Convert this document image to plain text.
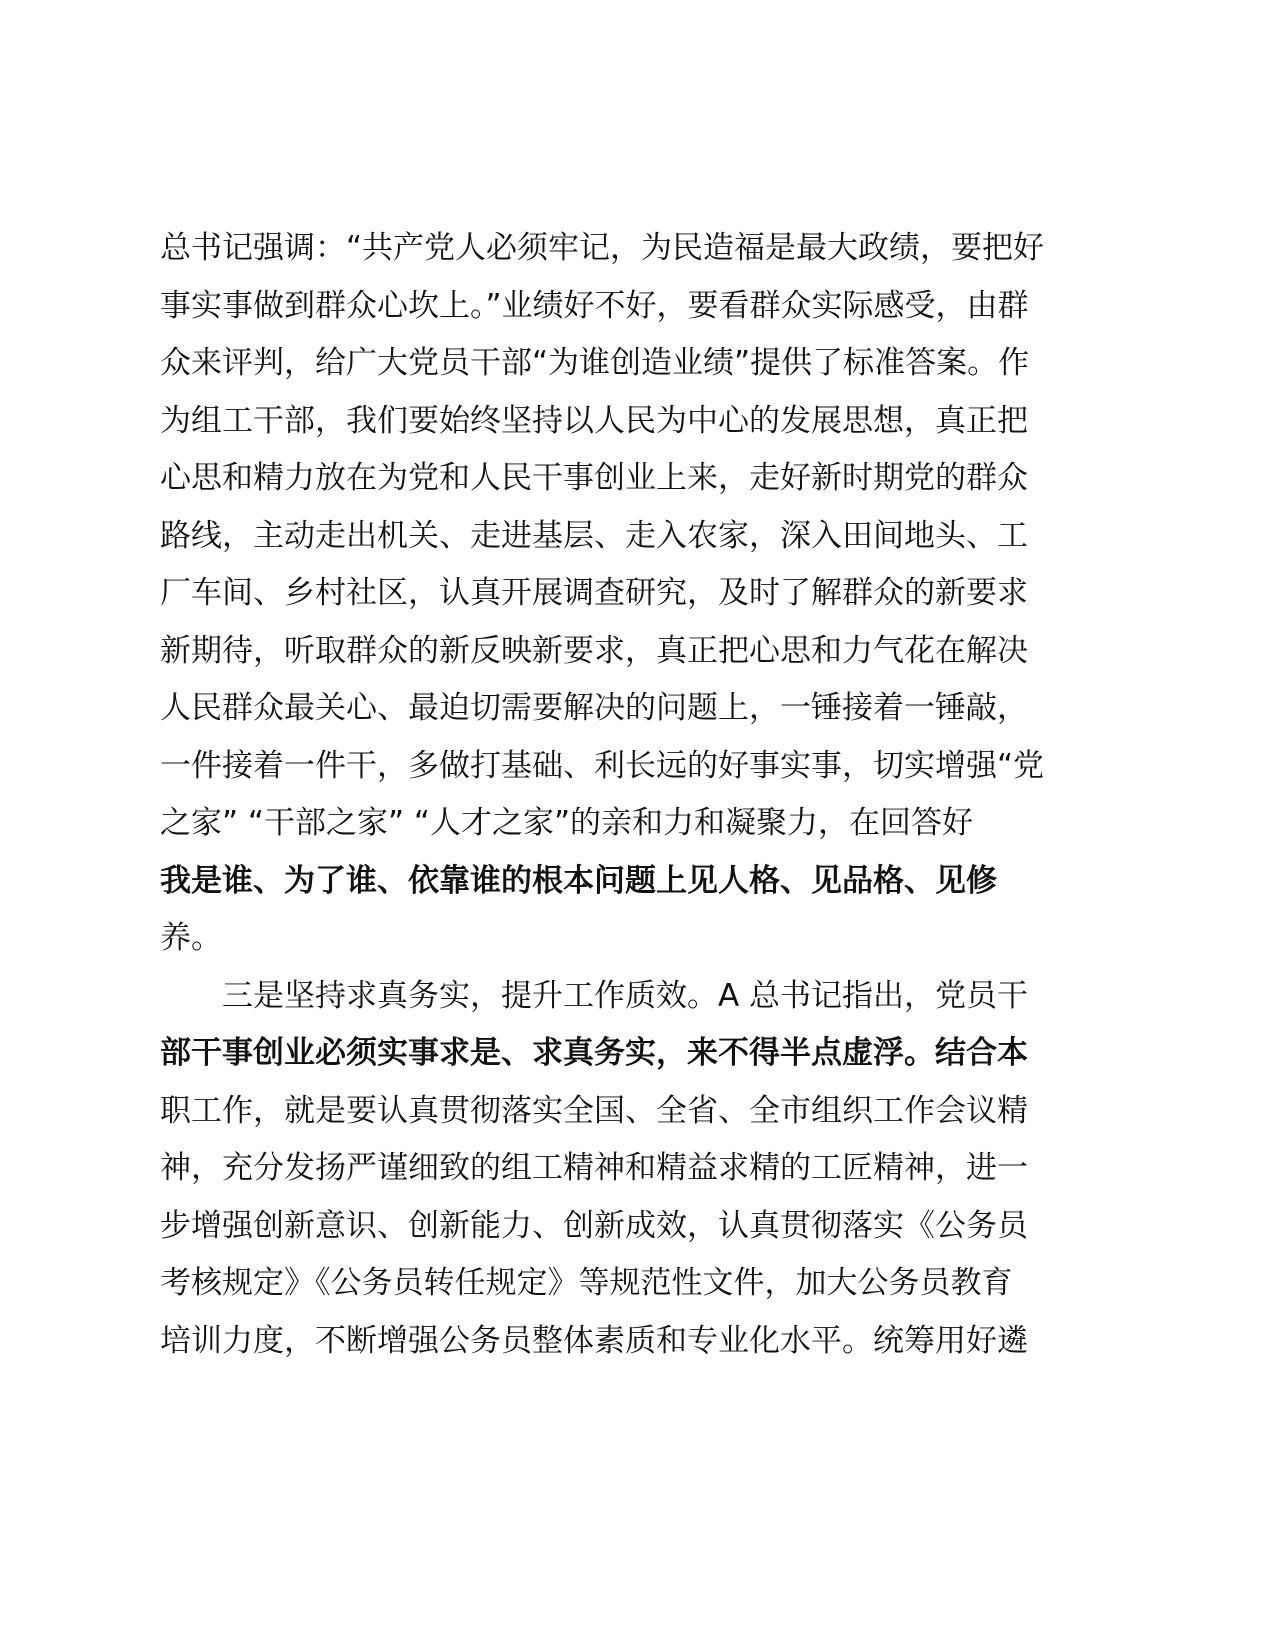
总书记强调：“共产党人必须牢记，为民造福是最大政绩，要把好
事实事做到群众心坎上。”业绩好不好，要看群众实际感受，由群
众来评判，给广大党员干部“为谁创造业绩”提供了标准答案。作
为组工干部，我们要始终坚持以人民为中心的发展思想，真正把
心思和精力放在为党和人民干事创业上来，走好新时期党的群众
路线，主动走出机关、走进基层、走入农家，深入田间地头、工
厂车间、乡村社区，认真开展调查研究，及时了解群众的新要求
新期待，听取群众的新反映新要求，真正把心思和力气花在解决
人民群众最关心、最迫切需要解决的问题上，一锤接着一锤敲，
一件接着一件干，多做打基础、利长远的好事实事，切实增强“党
之家” “干部之家” “人才之家”的亲和力和凝聚力，在回答好
我是谁、为了谁、依靠谁的根本问题上见人格、见品格、见修
养。
三是坚持求真务实，提升工作质效。A 总书记指出，党员干
部干事创业必须实事求是、求真务实，来不得半点虚浮。结合本
职工作，就是要认真贯彻落实全国、全省、全市组织工作会议精
神，充分发扬严谨细致的组工精神和精益求精的工匠精神，进一
步增强创新意识、创新能力、创新成效，认真贯彻落实《公务员
考核规定》《公务员转任规定》等规范性文件，加大公务员教育
培训力度，不断增强公务员整体素质和专业化水平。统筹用好遴
